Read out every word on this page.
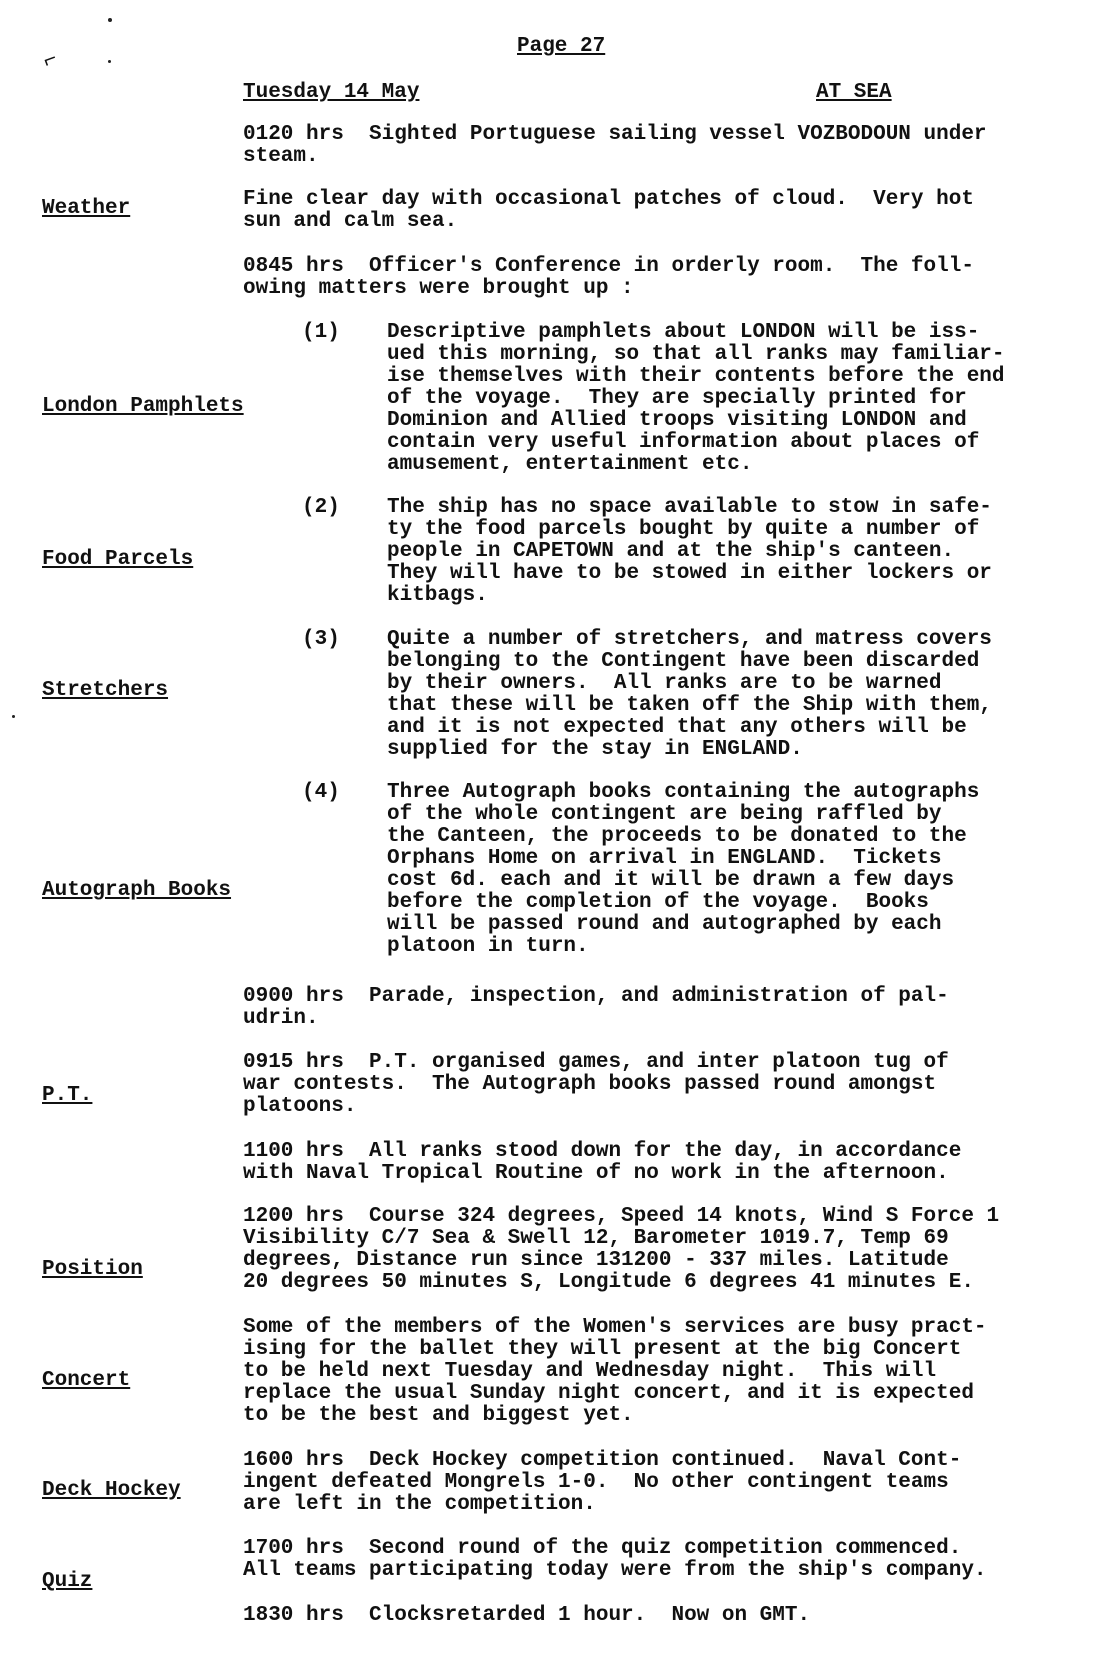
⌐
Page 27
Tuesday 14 May	AT SEA
0120 hrs  Sighted Portuguese sailing vessel VOZBODOUN under
steam.
Weather	Fine clear day with occasional patches of cloud.  Very hot
sun and calm sea.
0845 hrs  Officer's Conference in orderly room.  The foll-
owing matters were brought up :
(1)
London Pamphlets
Descriptive pamphlets about LONDON will be iss-
ued this morning, so that all ranks may familiar-
ise themselves with their contents before the end
of the voyage.  They are specially printed for
Dominion and Allied troops visiting LONDON and
contain very useful information about places of
amusement, entertainment etc.
(2)
Food Parcels
The ship has no space available to stow in safe-
ty the food parcels bought by quite a number of
people in CAPETOWN and at the ship's canteen.
They will have to be stowed in either lockers or
kitbags.
(3)
Stretchers
Quite a number of stretchers, and matress covers
belonging to the Contingent have been discarded
by their owners.  All ranks are to be warned
that these will be taken off the Ship with them,
and it is not expected that any others will be
supplied for the stay in ENGLAND.
(4)
Autograph Books
Three Autograph books containing the autographs
of the whole contingent are being raffled by
the Canteen, the proceeds to be donated to the
Orphans Home on arrival in ENGLAND.  Tickets
cost 6d. each and it will be drawn a few days
before the completion of the voyage.  Books
will be passed round and autographed by each
platoon in turn.
0900 hrs  Parade, inspection, and administration of pal-
udrin.
P.T.
0915 hrs  P.T. organised games, and inter platoon tug of
war contests.  The Autograph books passed round amongst
platoons.
1100 hrs  All ranks stood down for the day, in accordance
with Naval Tropical Routine of no work in the afternoon.
Position
1200 hrs  Course 324 degrees, Speed 14 knots, Wind S Force 1
Visibility C/7 Sea & Swell 12, Barometer 1019.7, Temp 69
degrees, Distance run since 131200 - 337 miles. Latitude
20 degrees 50 minutes S, Longitude 6 degrees 41 minutes E.
Concert
Some of the members of the Women's services are busy pract-
ising for the ballet they will present at the big Concert
to be held next Tuesday and Wednesday night.  This will
replace the usual Sunday night concert, and it is expected
to be the best and biggest yet.
Deck Hockey
1600 hrs  Deck Hockey competition continued.  Naval Cont-
ingent defeated Mongrels 1-0.  No other contingent teams
are left in the competition.
Quiz
1700 hrs  Second round of the quiz competition commenced.
All teams participating today were from the ship's company.
1830 hrs  Clocksretarded 1 hour.  Now on GMT.
